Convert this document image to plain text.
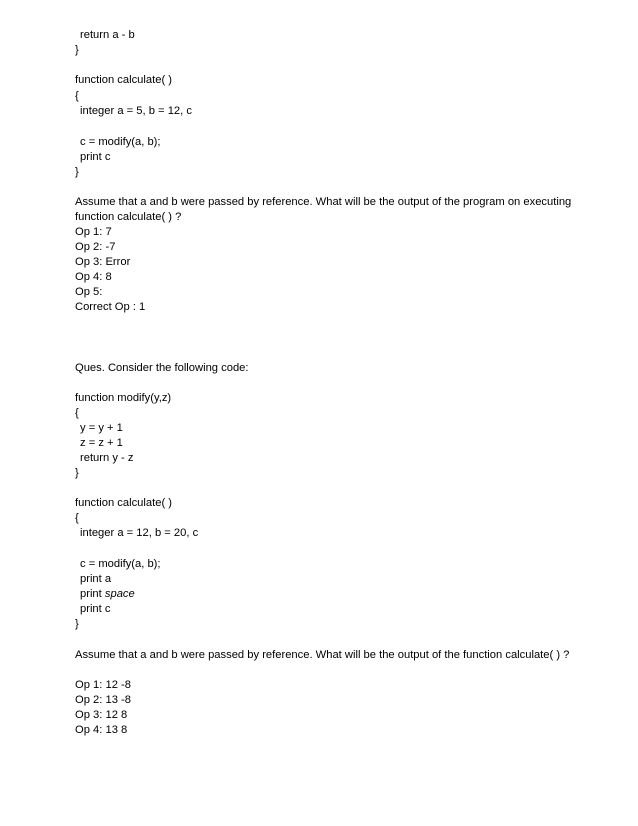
return a - b
}
function calculate( )
{
integer a = 5, b = 12, c
c = modify(a, b);
print c
}
Assume that a and b were passed by reference. What will be the output of the program on executing
function calculate( ) ?
Op 1: 7
Op 2: -7
Op 3: Error
Op 4: 8
Op 5:
Correct Op : 1
Ques. Consider the following code:
function modify(y,z)
{
y = y + 1
z = z + 1
return y - z
}
function calculate( )
{
integer a = 12, b = 20, c
c = modify(a, b);
print a
print space
print c
}
Assume that a and b were passed by reference. What will be the output of the function calculate( ) ?
Op 1: 12 -8
Op 2: 13 -8
Op 3: 12 8
Op 4: 13 8
